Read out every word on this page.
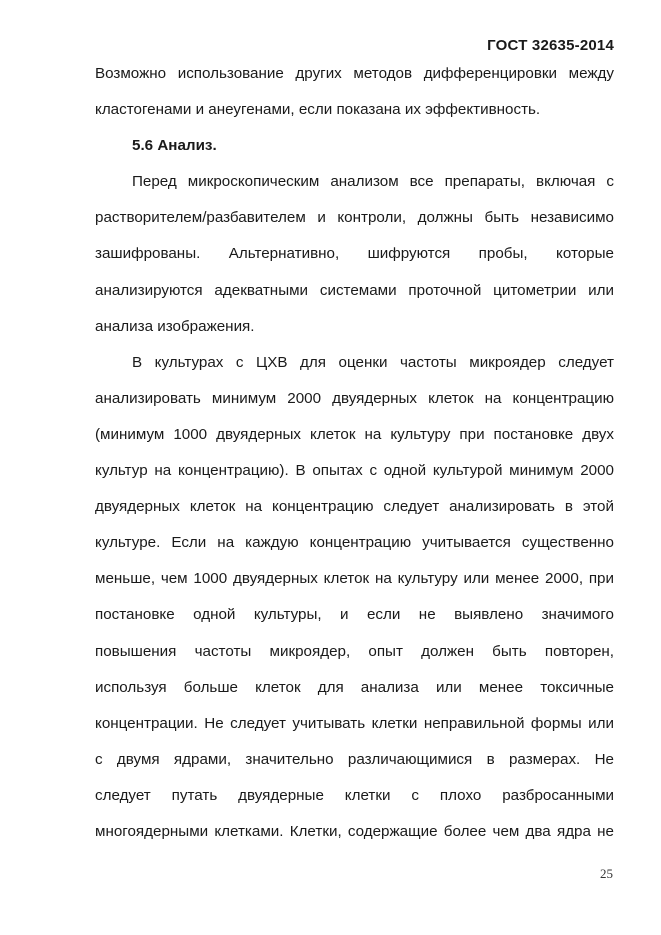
ГОСТ 32635-2014
Возможно использование других методов дифференцировки между
кластогенами и анеугенами, если показана их эффективность.
5.6 Анализ.
Перед микроскопическим анализом все препараты, включая с
растворителем/разбавителем и контроли, должны быть независимо
зашифрованы. Альтернативно, шифруются пробы, которые
анализируются адекватными системами проточной цитометрии или
анализа изображения.
В культурах с ЦХВ для оценки частоты микроядер следует
анализировать минимум 2000 двуядерных клеток на концентрацию
(минимум 1000 двуядерных клеток на культуру при постановке двух
культур на концентрацию). В опытах с одной культурой минимум 2000
двуядерных клеток на концентрацию следует анализировать в этой
культуре. Если на каждую концентрацию учитывается существенно
меньше, чем 1000 двуядерных клеток на культуру или менее 2000, при
постановке одной культуры, и если не выявлено значимого
повышения частоты микроядер, опыт должен быть повторен,
используя больше клеток для анализа или менее токсичные
концентрации. Не следует учитывать клетки неправильной формы или
с двумя ядрами, значительно различающимися в размерах. Не
следует путать двуядерные клетки с плохо разбросанными
многоядерными клетками. Клетки, содержащие более чем два ядра не
25
